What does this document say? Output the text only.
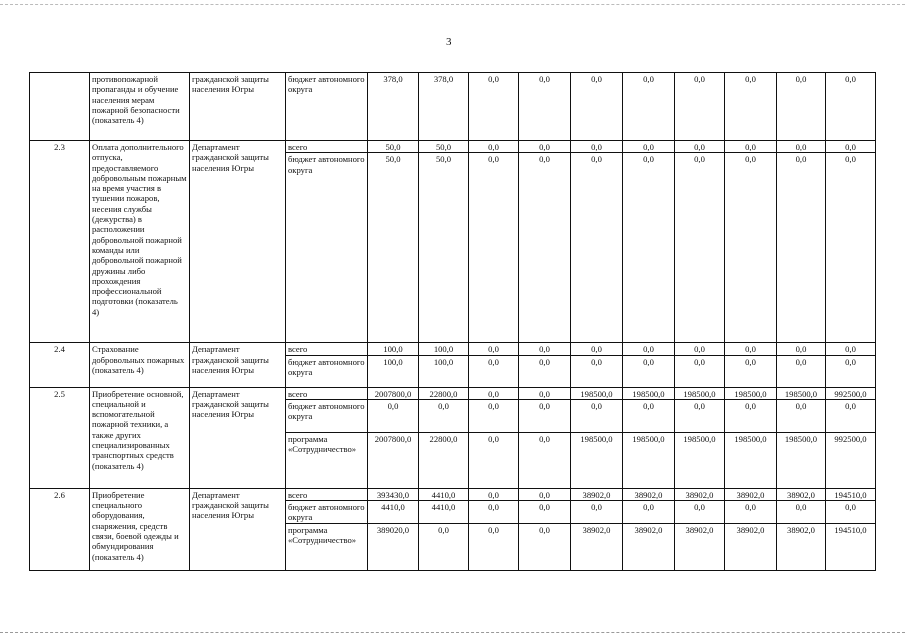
3
	противопожарной пропаганды и обучение населения мерам пожарной безопасности (показатель 4)	гражданской защиты населения Югры	бюджет автономного округа	378,0	378,0	0,0	0,0	0,0	0,0	0,0	0,0	0,0	0,0
2.3	Оплата дополнительного отпуска, предоставляемого добровольным пожарным на время участия в тушении пожаров, несения службы (дежурства) в расположении добровольной пожарной команды или добровольной пожарной дружины либо прохождения профессиональной подготовки (показатель 4)	Департамент гражданской защиты населения Югры	всего	50,0	50,0	0,0	0,0	0,0	0,0	0,0	0,0	0,0	0,0
			бюджет автономного округа	50,0	50,0	0,0	0,0	0,0	0,0	0,0	0,0	0,0	0,0
2.4	Страхование добровольных пожарных (показатель 4)	Департамент гражданской защиты населения Югры	всего	100,0	100,0	0,0	0,0	0,0	0,0	0,0	0,0	0,0	0,0
			бюджет автономного округа	100,0	100,0	0,0	0,0	0,0	0,0	0,0	0,0	0,0	0,0
2.5	Приобретение основной, специальной и вспомогательной пожарной техники, а также других специализированных транспортных средств (показатель 4)	Департамент гражданской защиты населения Югры	всего	2007800,0	22800,0	0,0	0,0	198500,0	198500,0	198500,0	198500,0	198500,0	992500,0
			бюджет автономного округа	0,0	0,0	0,0	0,0	0,0	0,0	0,0	0,0	0,0	0,0
			программа «Сотрудничество»	2007800,0	22800,0	0,0	0,0	198500,0	198500,0	198500,0	198500,0	198500,0	992500,0
2.6	Приобретение специального оборудования, снаряжения, средств связи, боевой одежды и обмундирования (показатель 4)	Департамент гражданской защиты населения Югры	всего	393430,0	4410,0	0,0	0,0	38902,0	38902,0	38902,0	38902,0	38902,0	194510,0
			бюджет автономного округа	4410,0	4410,0	0,0	0,0	0,0	0,0	0,0	0,0	0,0	0,0
			программа «Сотрудничество»	389020,0	0,0	0,0	0,0	38902,0	38902,0	38902,0	38902,0	38902,0	194510,0
